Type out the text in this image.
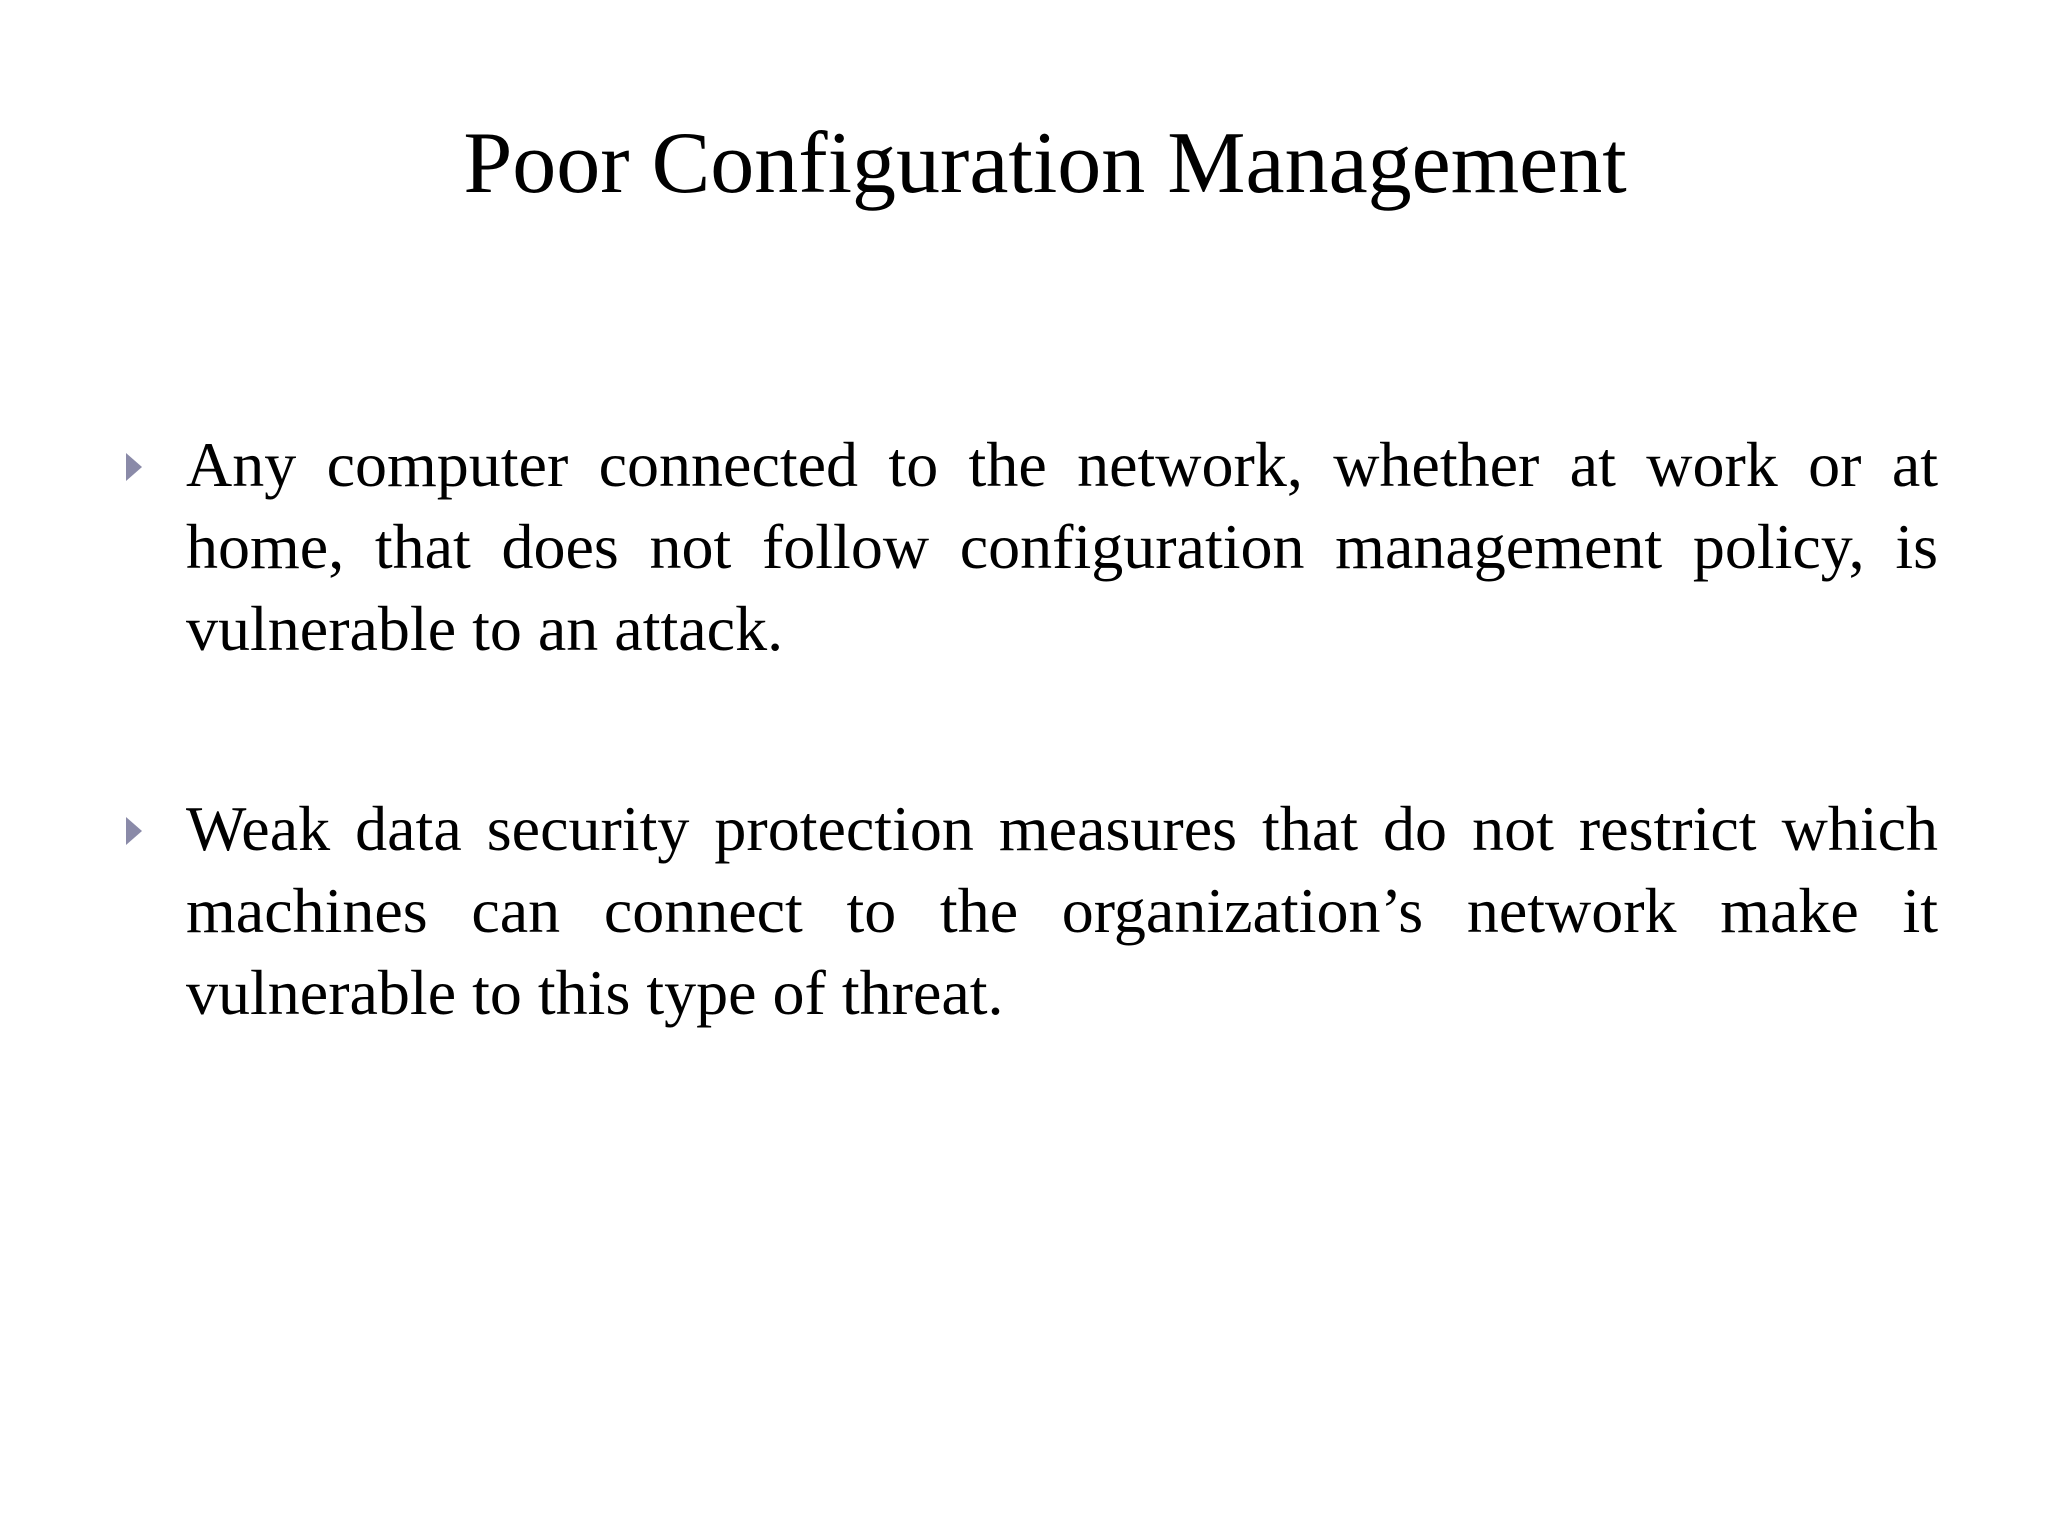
Poor Configuration Management

Any computer connected to the network, whether at work or at home, that does not follow configuration management policy, is vulnerable to an attack.

Weak data security protection measures that do not restrict which machines can connect to the organization’s network make it vulnerable to this type of threat.
